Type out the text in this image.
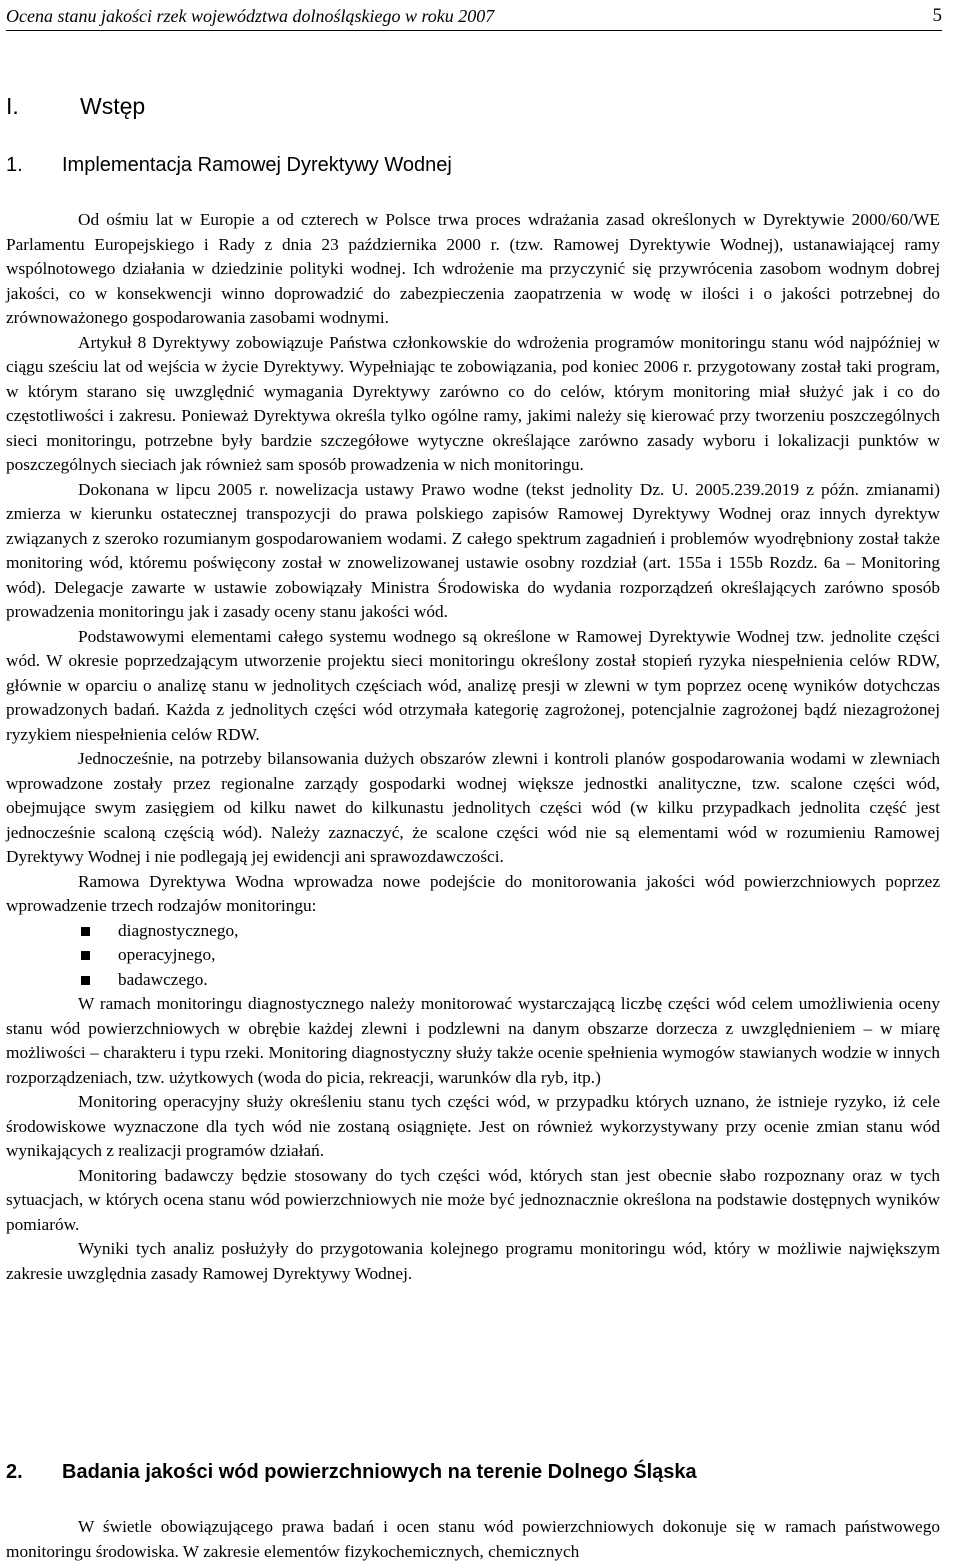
Ocena stanu jakości rzek województwa dolnośląskiego w roku 2007	5
I.	Wstęp
1. Implementacja Ramowej Dyrektywy Wodnej

Od ośmiu lat w Europie a od czterech w Polsce trwa proces wdrażania zasad określonych w Dyrektywie 2000/60/WE Parlamentu Europejskiego i Rady z dnia 23 października 2000 r. (tzw. Ramowej Dyrektywie Wodnej), ustanawiającej ramy wspólnotowego działania w dziedzinie polityki wodnej. Ich wdrożenie ma przyczynić się przywrócenia zasobom wodnym dobrej jakości, co w konsekwencji winno doprowadzić do zabezpieczenia zaopatrzenia w wodę w ilości i o jakości potrzebnej do zrównoważonego gospodarowania zasobami wodnymi.

Artykuł 8 Dyrektywy zobowiązuje Państwa członkowskie do wdrożenia programów monitoringu stanu wód najpóźniej w ciągu sześciu lat od wejścia w życie Dyrektywy. Wypełniając te zobowiązania, pod koniec 2006 r. przygotowany został taki program, w którym starano się uwzględnić wymagania Dyrektywy zarówno co do celów, którym monitoring miał służyć jak i co do częstotliwości i zakresu. Ponieważ Dyrektywa określa tylko ogólne ramy, jakimi należy się kierować przy tworzeniu poszczególnych sieci monitoringu, potrzebne były bardzie szczegółowe wytyczne określające zarówno zasady wyboru i lokalizacji punktów w poszczególnych sieciach jak również sam sposób prowadzenia w nich monitoringu.

Dokonana w lipcu 2005 r. nowelizacja ustawy Prawo wodne (tekst jednolity Dz. U. 2005.239.2019 z późn. zmianami) zmierza w kierunku ostatecznej transpozycji do prawa polskiego zapisów Ramowej Dyrektywy Wodnej oraz innych dyrektyw związanych z szeroko rozumianym gospodarowaniem wodami. Z całego spektrum zagadnień i problemów wyodrębniony został także monitoring wód, któremu poświęcony został w znowelizowanej ustawie osobny rozdział (art. 155a i 155b Rozdz. 6a – Monitoring wód). Delegacje zawarte w ustawie zobowiązały Ministra Środowiska do wydania rozporządzeń określających zarówno sposób prowadzenia monitoringu jak i zasady oceny stanu jakości wód.

Podstawowymi elementami całego systemu wodnego są określone w Ramowej Dyrektywie Wodnej tzw. jednolite części wód. W okresie poprzedzającym utworzenie projektu sieci monitoringu określony został stopień ryzyka niespełnienia celów RDW, głównie w oparciu o analizę stanu w jednolitych częściach wód, analizę presji w zlewni w tym poprzez ocenę wyników dotychczas prowadzonych badań. Każda z jednolitych części wód otrzymała kategorię zagrożonej, potencjalnie zagrożonej bądź niezagrożonej ryzykiem niespełnienia celów RDW.

Jednocześnie, na potrzeby bilansowania dużych obszarów zlewni i kontroli planów gospodarowania wodami w zlewniach wprowadzone zostały przez regionalne zarządy gospodarki wodnej większe jednostki analityczne, tzw. scalone części wód, obejmujące swym zasięgiem od kilku nawet do kilkunastu jednolitych części wód (w kilku przypadkach jednolita część jest jednocześnie scaloną częścią wód). Należy zaznaczyć, że scalone części wód nie są elementami wód w rozumieniu Ramowej Dyrektywy Wodnej i nie podlegają jej ewidencji ani sprawozdawczości.

Ramowa Dyrektywa Wodna wprowadza nowe podejście do monitorowania jakości wód powierzchniowych poprzez wprowadzenie trzech rodzajów monitoringu:

diagnostycznego,
operacyjnego,
badawczego.

W ramach monitoringu diagnostycznego należy monitorować wystarczającą liczbę części wód celem umożliwienia oceny stanu wód powierzchniowych w obrębie każdej zlewni i podzlewni na danym obszarze dorzecza z uwzględnieniem – w miarę możliwości – charakteru i typu rzeki. Monitoring diagnostyczny służy także ocenie spełnienia wymogów stawianych wodzie w innych rozporządzeniach, tzw. użytkowych (woda do picia, rekreacji, warunków dla ryb, itp.)

Monitoring operacyjny służy określeniu stanu tych części wód, w przypadku których uznano, że istnieje ryzyko, iż cele środowiskowe wyznaczone dla tych wód nie zostaną osiągnięte. Jest on również wykorzystywany przy ocenie zmian stanu wód wynikających z realizacji programów działań.

Monitoring badawczy będzie stosowany do tych części wód, których stan jest obecnie słabo rozpoznany oraz w tych sytuacjach, w których ocena stanu wód powierzchniowych nie może być jednoznacznie określona na podstawie dostępnych wyników pomiarów.

Wyniki tych analiz posłużyły do przygotowania kolejnego programu monitoringu wód, który w możliwie największym zakresie uwzględnia zasady Ramowej Dyrektywy Wodnej.

2. Badania jakości wód powierzchniowych na terenie Dolnego Śląska

W świetle obowiązującego prawa badań i ocen stanu wód powierzchniowych dokonuje się w ramach państwowego monitoringu środowiska. W zakresie elementów fizykochemicznych, chemicznych
